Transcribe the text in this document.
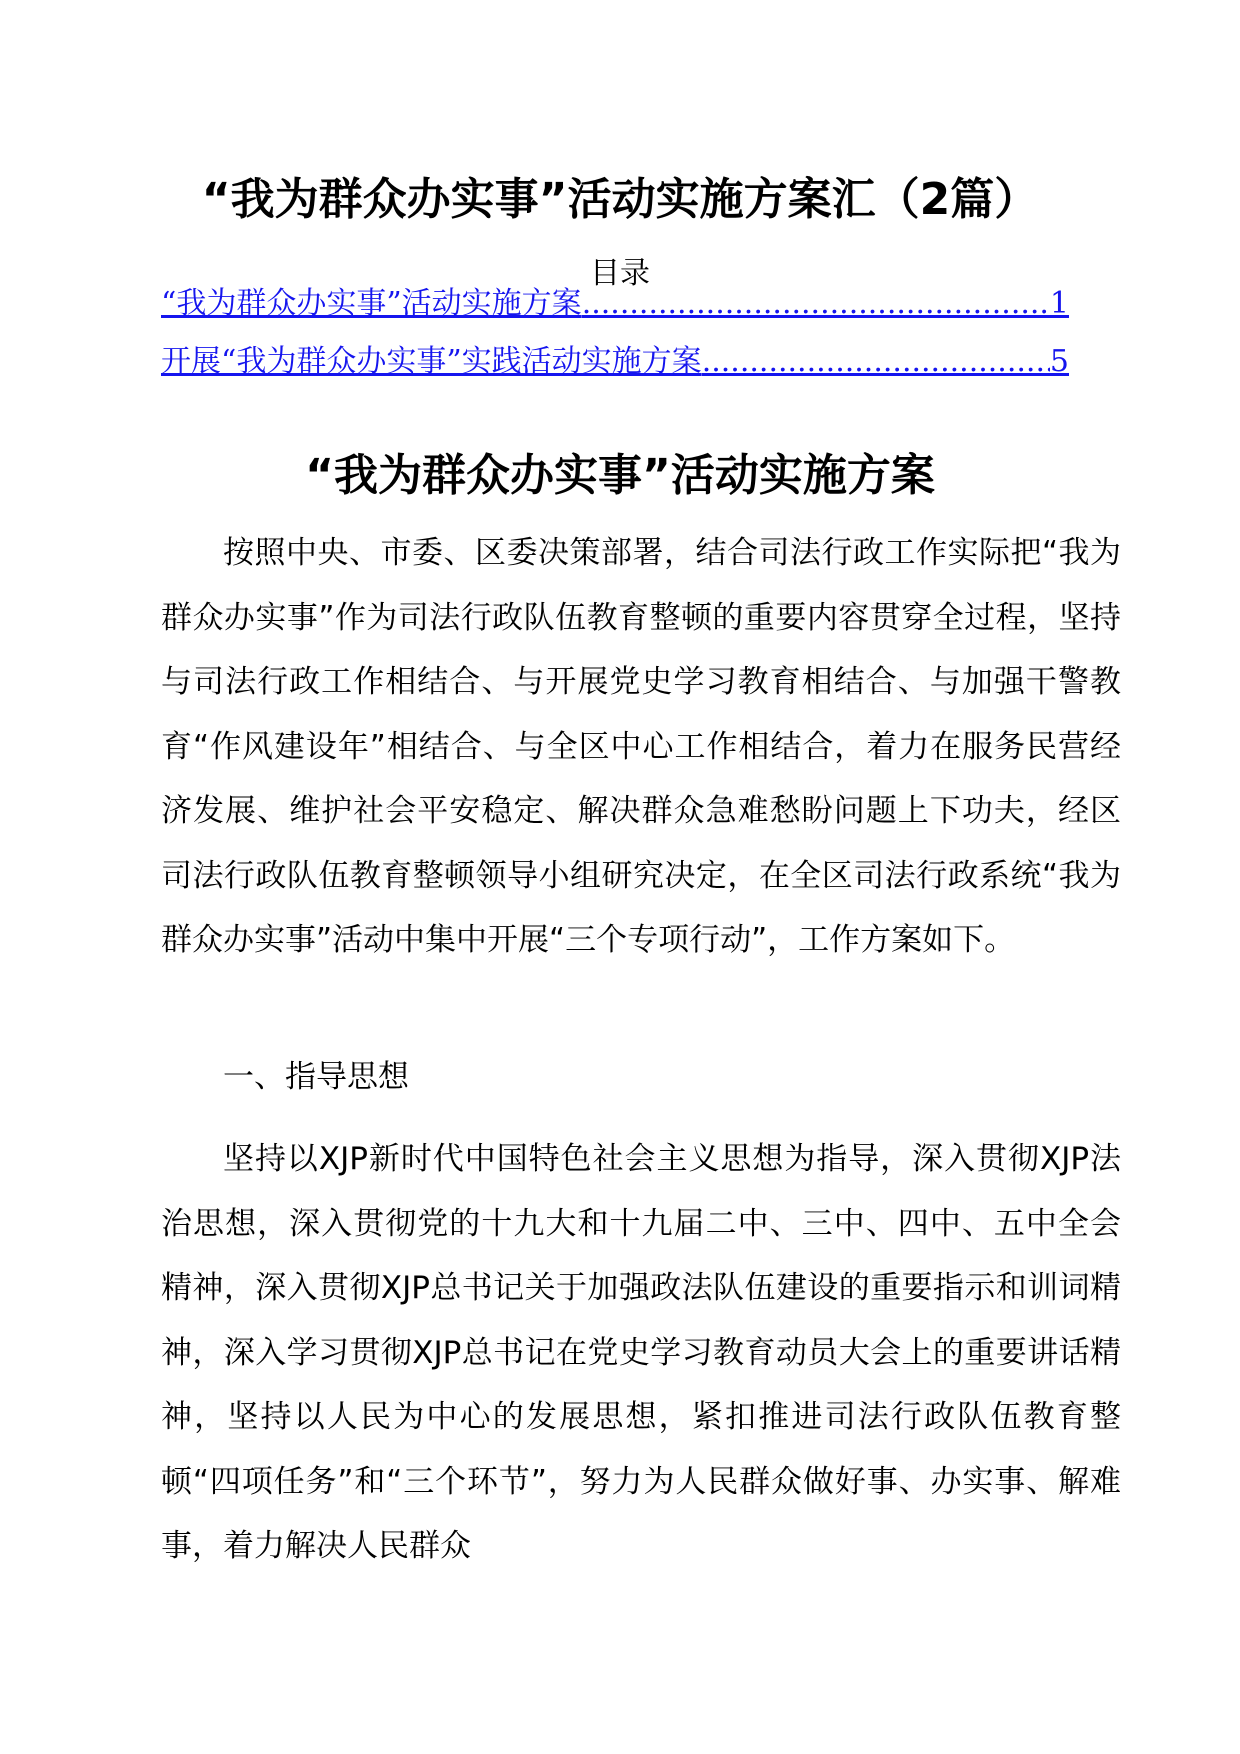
“我为群众办实事”活动实施方案汇（2篇）
目录
“我为群众办实事”活动实施方案 .....	1
开展“我为群众办实事”实践活动实施方案 .....	5
“我为群众办实事”活动实施方案

按照中央、市委、区委决策部署，结合司法行政工作实际把“我为群众办实事”作为司法行政队伍教育整顿的重要内容贯穿全过程，坚持与司法行政工作相结合、与开展党史学习教育相结合、与加强干警教育“作风建设年”相结合、与全区中心工作相结合，着力在服务民营经济发展、维护社会平安稳定、解决群众急难愁盼问题上下功夫，经区司法行政队伍教育整顿领导小组研究决定，在全区司法行政系统“我为群众办实事”活动中集中开展“三个专项行动”，工作方案如下。

一、指导思想

坚持以XJP新时代中国特色社会主义思想为指导，深入贯彻XJP法治思想，深入贯彻党的十九大和十九届二中、三中、四中、五中全会精神，深入贯彻XJP总书记关于加强政法队伍建设的重要指示和训词精神，深入学习贯彻XJP总书记在党史学习教育动员大会上的重要讲话精神，坚持以人民为中心的发展思想，紧扣推进司法行政队伍教育整顿“四项任务”和“三个环节”，努力为人民群众做好事、办实事、解难事，着力解决人民群众
